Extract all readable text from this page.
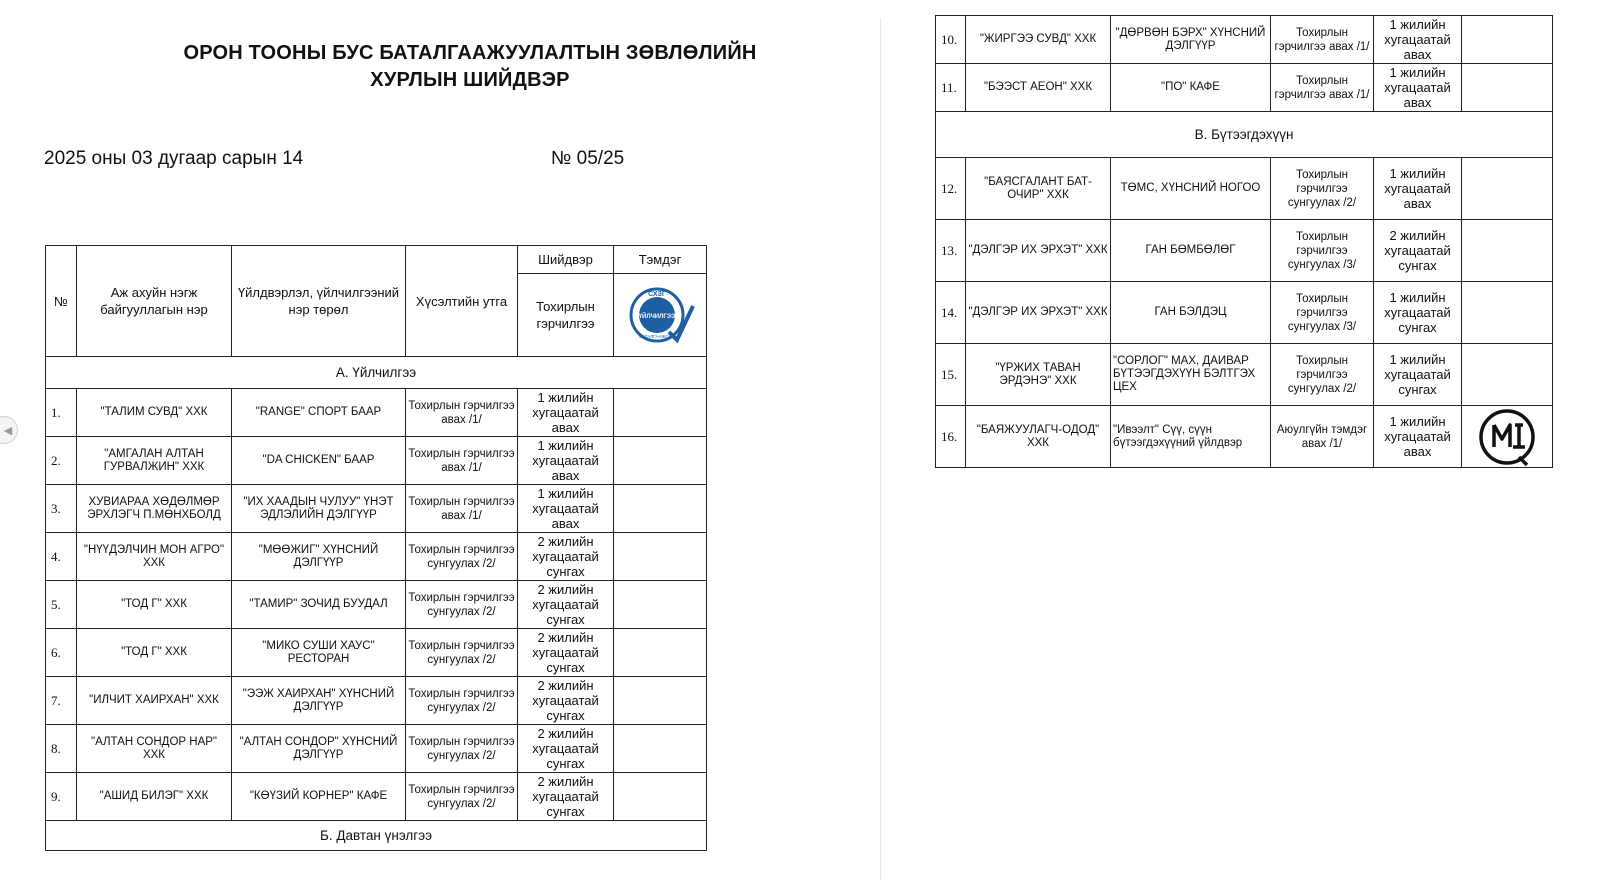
◀
ОРОН ТООНЫ БУС БАТАЛГААЖУУЛАЛТЫН ЗӨВЛӨЛИЙН
ХУРЛЫН ШИЙДВЭР
2025 оны 03 дугаар сарын 14	№ 05/25
№	Аж ахуйн нэгж байгууллагын нэр	Үйлдвэрлэл, үйлчилгээний нэр төрөл	Хүсэлтийн утга	Шийдвэр	Тэмдэг
				Тохирлын гэрчилгээ	СХЗГ
ҮЙЛЧИЛГЭЭ
БАТАЛГААЖСАН

А. Үйлчилгээ					
1.	"ТАЛИМ СУВД" ХХК	"RANGE" СПОРТ БААР	Тохирлын гэрчилгээ авах /1/	1 жилийн хугацаатай авах	
2.	"АМГАЛАН АЛТАН ГУРВАЛЖИН" ХХК	"DA CHICKEN" БААР	Тохирлын гэрчилгээ авах /1/	1 жилийн хугацаатай авах	
3.	ХУВИАРАА ХӨДӨЛМӨР ЭРХЛЭГЧ П.МӨНХБОЛД	"ИХ ХААДЫН ЧУЛУУ" ҮНЭТ ЭДЛЭЛИЙН ДЭЛГҮҮР	Тохирлын гэрчилгээ авах /1/	1 жилийн хугацаатай авах	
4.	"НҮҮДЭЛЧИН МОН АГРО" ХХК	"МӨӨЖИГ" ХҮНСНИЙ ДЭЛГҮҮР	Тохирлын гэрчилгээ сунгуулах /2/	2 жилийн хугацаатай сунгах	
5.	"ТОД Г" ХХК	"ТАМИР" ЗОЧИД БУУДАЛ	Тохирлын гэрчилгээ сунгуулах /2/	2 жилийн хугацаатай сунгах	
6.	"ТОД Г" ХХК	"МИКО СУШИ ХАУС" РЕСТОРАН	Тохирлын гэрчилгээ сунгуулах /2/	2 жилийн хугацаатай сунгах	
7.	"ИЛЧИТ ХАИРХАН" ХХК	"ЭЭЖ ХАИРХАН" ХҮНСНИЙ ДЭЛГҮҮР	Тохирлын гэрчилгээ сунгуулах /2/	2 жилийн хугацаатай сунгах	
8.	"АЛТАН СОНДОР НАР" ХХК	"АЛТАН СОНДОР" ХҮНСНИЙ ДЭЛГҮҮР	Тохирлын гэрчилгээ сунгуулах /2/	2 жилийн хугацаатай сунгах	
9.	"АШИД БИЛЭГ" ХХК	"КӨҮЗИЙ КОРНЕР" КАФЕ	Тохирлын гэрчилгээ сунгуулах /2/	2 жилийн хугацаатай сунгах	
Б. Давтан үнэлгээ					
10.	"ЖИРГЭЭ СУВД" ХХК	"ДӨРВӨН БЭРХ" ХҮНСНИЙ ДЭЛГҮҮР	Тохирлын гэрчилгээ авах /1/	1 жилийн хугацаатай авах	
11.	"БЭЭСТ АЕОН" ХХК	"ПО" КАФЕ	Тохирлын гэрчилгээ авах /1/	1 жилийн хугацаатай авах	
В. Бүтээгдэхүүн					
12.	"БАЯСГАЛАНТ БАТ-ОЧИР" ХХК	ТӨМС, ХҮНСНИЙ НОГОО	Тохирлын гэрчилгээ сунгуулах /2/	1 жилийн хугацаатай авах	
13.	"ДЭЛГЭР ИХ ЭРХЭТ" ХХК	ГАН БӨМБӨЛӨГ	Тохирлын гэрчилгээ сунгуулах /3/	2 жилийн хугацаатай сунгах	
14.	"ДЭЛГЭР ИХ ЭРХЭТ" ХХК	ГАН БЭЛДЭЦ	Тохирлын гэрчилгээ сунгуулах /3/	1 жилийн хугацаатай сунгах	
15.	"ҮРЖИХ ТАВАН ЭРДЭНЭ" ХХК	"СОРЛОГ" МАХ, ДАИВАР БҮТЭЭГДЭХҮҮН БЭЛТГЭХ ЦЕХ	Тохирлын гэрчилгээ сунгуулах /2/	1 жилийн хугацаатай сунгах	
16.	"БАЯЖУУЛАГЧ-ОДОД" ХХК	"Ивээлт" Сүү, сүүн бүтээгдэхүүний үйлдвэр	Аюулгүйн тэмдэг авах /1/	1 жилийн хугацаатай авах	
